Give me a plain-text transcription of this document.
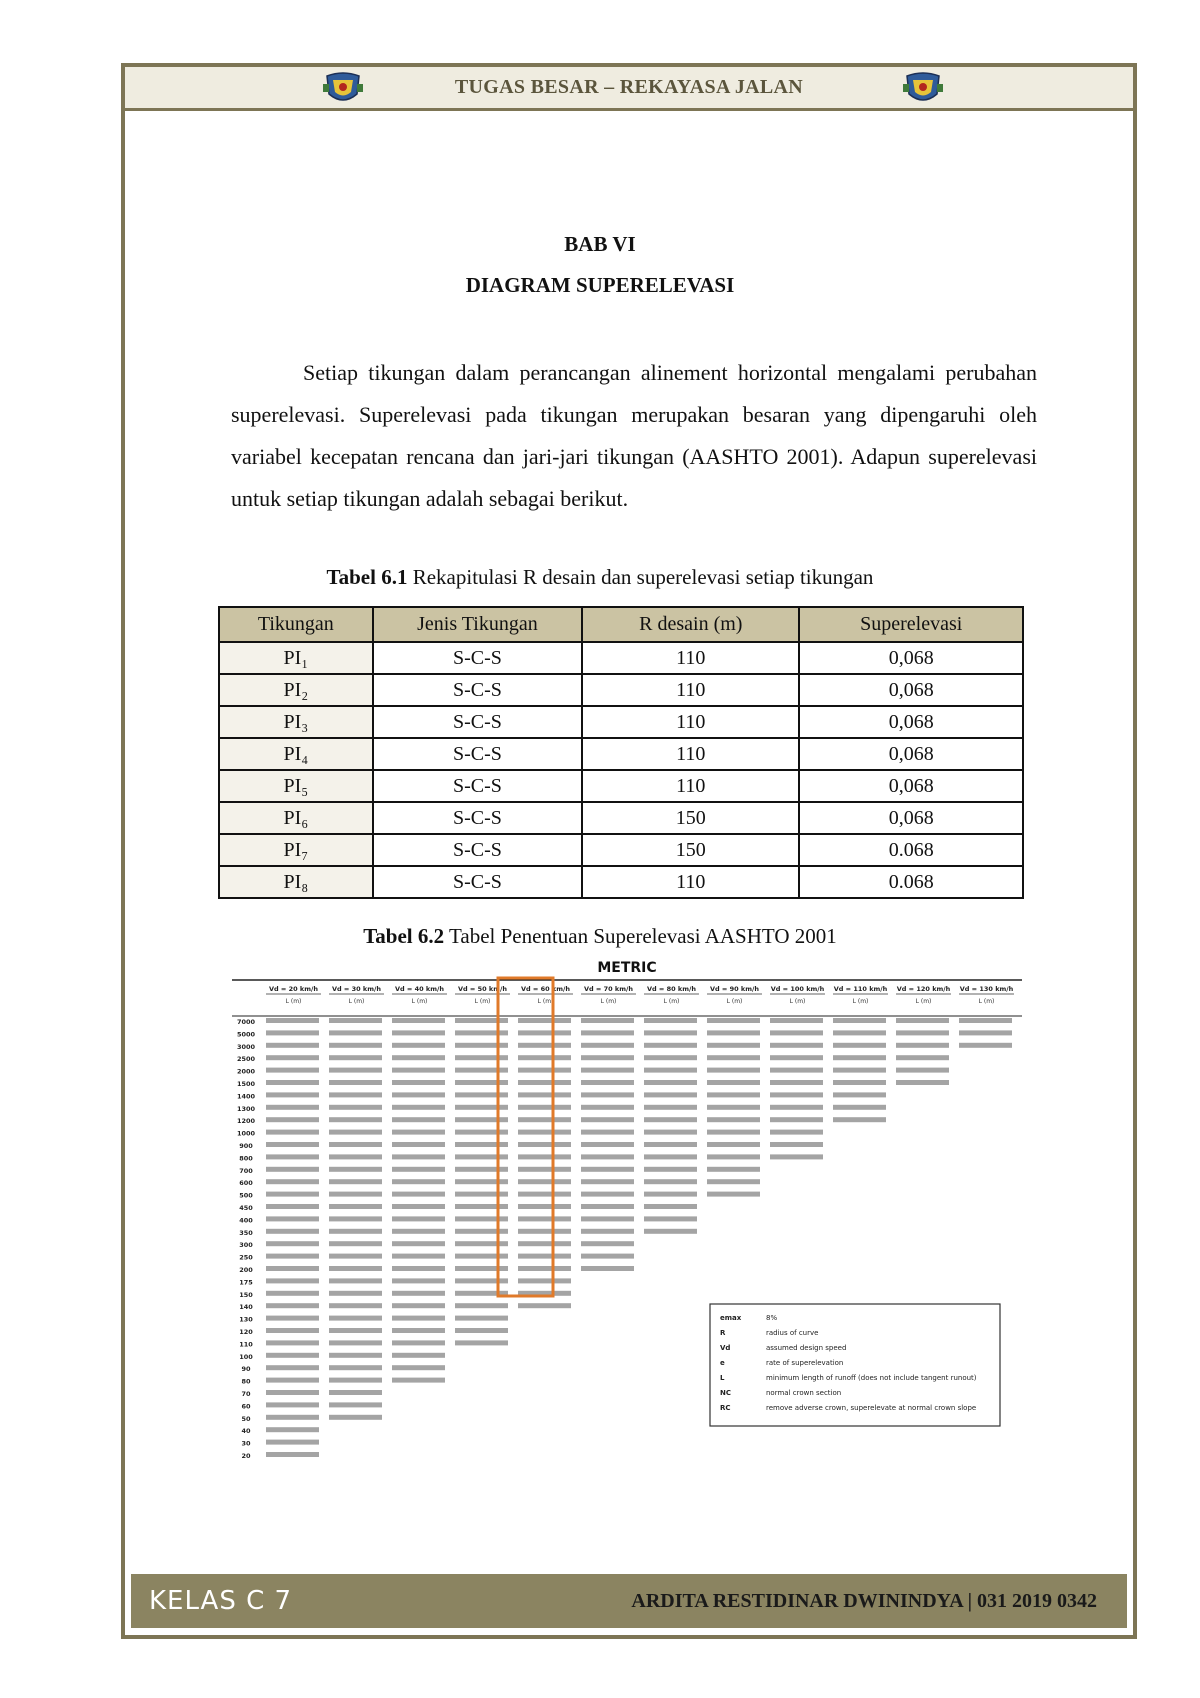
TUGAS BESAR – REKAYASA JALAN
BAB VI
DIAGRAM SUPERELEVASI
Setiap tikungan dalam perancangan alinement horizontal mengalami perubahan superelevasi. Superelevasi pada tikungan merupakan besaran yang dipengaruhi oleh variabel kecepatan rencana dan jari-jari tikungan (AASHTO 2001). Adapun superelevasi untuk setiap tikungan adalah sebagai berikut.
Tabel 6.1 Rekapitulasi R desain dan superelevasi setiap tikungan
Tikungan	Jenis Tikungan	R desain (m)	Superelevasi
PI₁	S-C-S	110	0,068
PI₂	S-C-S	110	0,068
PI₃	S-C-S	110	0,068
PI₄	S-C-S	110	0,068
PI₅	S-C-S	110	0,068
PI₆	S-C-S	150	0,068
PI₇	S-C-S	150	0.068
PI₈	S-C-S	110	0.068
Tabel 6.2 Tabel Penentuan Superelevasi AASHTO 2001
METRIC
Vd = 20 km/h
L (m)
Vd = 30 km/h
L (m)
Vd = 40 km/h
L (m)
Vd = 50 km/h
L (m)
Vd = 60 km/h
L (m)
Vd = 70 km/h
L (m)
Vd = 80 km/h
L (m)
Vd = 90 km/h
L (m)
Vd = 100 km/h
L (m)
Vd = 110 km/h
L (m)
Vd = 120 km/h
L (m)
Vd = 130 km/h
L (m)
7000
5000
3000
2500
2000
1500
1400
1300
1200
1000
900
800
700
600
500
450
400
350
300
250
200
175
150
140
130
120
110
100
90
80
70
60
50
40
30
20
emax	8%
R	radius of curve
Vd	assumed design speed
e	rate of superelevation
L	minimum length of runoff (does not include tangent runout)
NC	normal crown section
RC	remove adverse crown, superelevate at normal crown slope
KELAS C 7	ARDITA RESTIDINAR DWININDYA | 031 2019 0342
